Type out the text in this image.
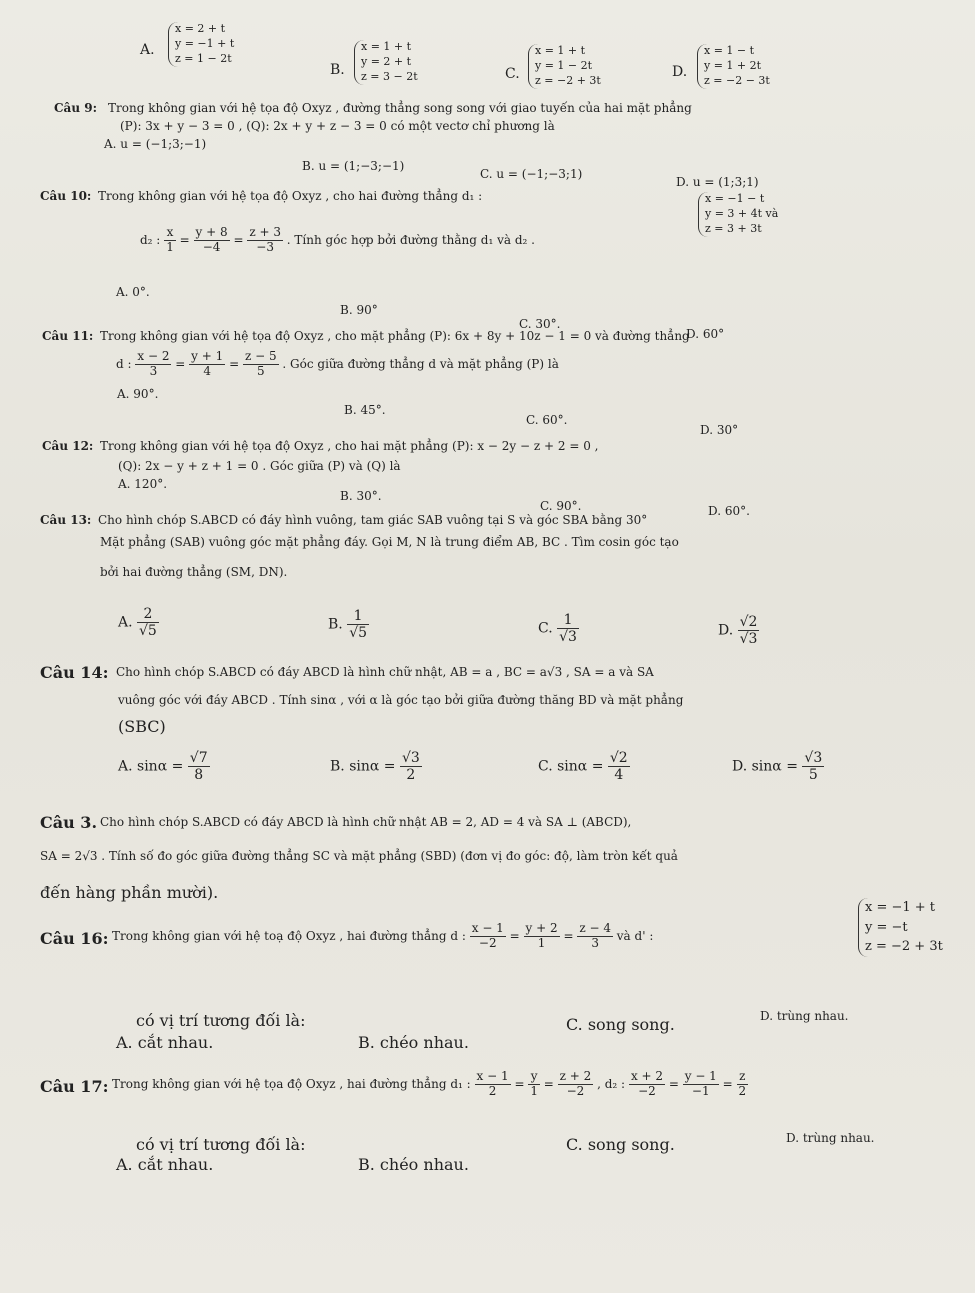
A.
x = 2 + t
y = −1 + t
z = 1 − 2t
B.
x = 1 + t
y = 2 + t
z = 3 − 2t	C.
x = 1 + t
y = 1 − 2t
z = −2 + 3t
D.
x = 1 − t
y = 1 + 2t
z = −2 − 3t
Câu 9: Trong không gian với hệ tọa độ Oxyz , đường thẳng song song với giao tuyến của hai mặt phẳng
(P): 3x + y − 3 = 0 , (Q): 2x + y + z − 3 = 0 có một vectơ chỉ phương là
A. u = (−1;3;−1)
B. u = (1;−3;−1)
C. u = (−1;−3;1)
D. u = (1;3;1)
Câu 10: Trong không gian với hệ tọa độ Oxyz , cho hai đường thẳng d₁ :	x = −1 − t
y = 3 + 4t và
z = 3 + 3t
d₂ : $\frac{x}{1} = \frac{y + 8}{-4} = \frac{z + 3}{-3}$ . Tính góc hợp bởi đường thằng d₁ và d₂ .
A. 0°.
B. 90°
C. 30°.
D. 60°
Câu 11: Trong không gian với hệ tọa độ Oxyz , cho mặt phẳng (P): 6x + 8y + 10z − 1 = 0 và đường thẳng
d : $\frac{x - 2}{3} = \frac{y + 1}{4} = \frac{z - 5}{5}$ . Góc giữa đường thẳng d và mặt phẳng (P) là
A. 90°.
B. 45°.
C. 60°.
D. 30°
Câu 12: Trong không gian với hệ tọa độ Oxyz , cho hai mặt phẳng (P): x − 2y − z + 2 = 0 ,
(Q): 2x − y + z + 1 = 0 . Góc giữa (P) và (Q) là
A. 120°.
B. 30°.
C. 90°.	D. 60°.
Câu 13: Cho hình chóp S.ABCD có đáy hình vuông, tam giác SAB vuông tại S và góc SBA bằng 30°
Mặt phẳng (SAB) vuông góc mặt phẳng đáy. Gọi M, N là trung điểm AB, BC . Tìm cosin góc tạo
bởi hai đường thẳng (SM, DN).
A. $\frac{2}{√5}$	B. $\frac{1}{√5}$	C. $\frac{1}{√3}$	D. $\frac{√2}{√3}$
Câu 14: Cho hình chóp S.ABCD có đáy ABCD là hình chữ nhật, AB = a , BC = a√3 , SA = a và SA
vuông góc với đáy ABCD . Tính sinα , với α là góc tạo bởi giữa đường thăng BD và mặt phẳng
(SBC)
A. $\sin\alpha = \frac{√7}{8}$	B. $\sin\alpha = \frac{√3}{2}$	C. $\sin\alpha = \frac{√2}{4}$	D. $\sin\alpha = \frac{√3}{5}$
Câu 3. Cho hình chóp S.ABCD có đáy ABCD là hình chữ nhật AB = 2, AD = 4 và SA ⊥ (ABCD),
SA = 2√3 . Tính số đo góc giữa đường thẳng SC và mặt phẳng (SBD) (đơn vị đo góc: độ, làm tròn kết quả
đến hàng phần mười).
Câu 16: Trong không gian với hệ toạ độ Oxyz , hai đường thẳng d : $\frac{x - 1}{-2} = \frac{y + 2}{1} = \frac{z - 4}{3}$ và d' :
x = −1 + t
y = −t
z = −2 + 3t
có vị trí tương đối là:
A. cắt nhau.	B. chéo nhau.
C. song song.	D. trùng nhau.
Câu 17: Trong không gian với hệ tọa độ Oxyz , hai đường thẳng d₁ : $\frac{x - 1}{2} = \frac{y}{1} = \frac{z + 2}{-2}$ , d₂ : $\frac{x + 2}{-2} = \frac{y - 1}{-1} = \frac{z}{2}$
có vị trí tương đối là:
A. cắt nhau.	B. chéo nhau.
C. song song.	D. trùng nhau.
